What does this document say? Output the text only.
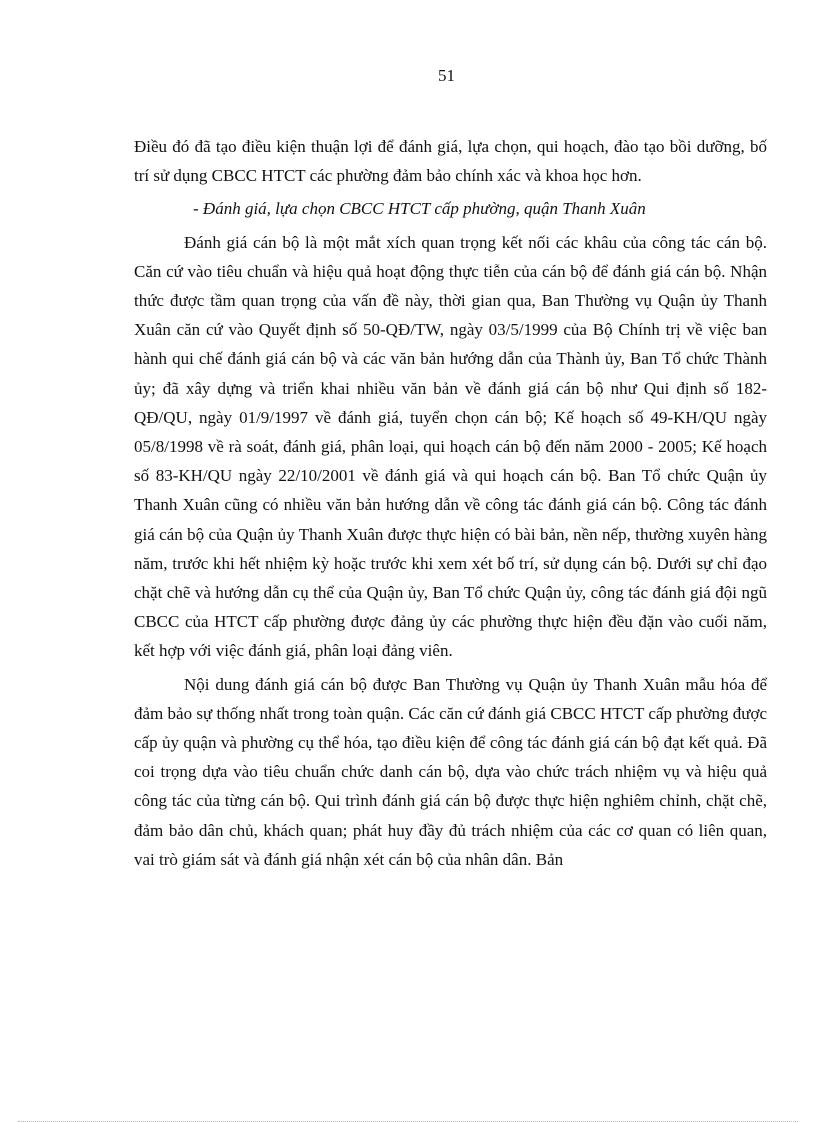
51

Điều đó đã tạo điều kiện thuận lợi để đánh giá, lựa chọn, qui hoạch, đào tạo bồi dưỡng, bố trí sử dụng CBCC HTCT các phường đảm bảo chính xác và khoa học hơn.

- Đánh giá, lựa chọn CBCC HTCT cấp phường, quận Thanh Xuân

Đánh giá cán bộ là một mắt xích quan trọng kết nối các khâu của công tác cán bộ. Căn cứ vào tiêu chuẩn và hiệu quả hoạt động thực tiễn của cán bộ để đánh giá cán bộ. Nhận thức được tầm quan trọng của vấn đề này, thời gian qua, Ban Thường vụ Quận ủy Thanh Xuân căn cứ vào Quyết định số 50-QĐ/TW, ngày 03/5/1999 của Bộ Chính trị về việc ban hành qui chế đánh giá cán bộ và các văn bản hướng dẫn của Thành ủy, Ban Tổ chức Thành ủy; đã xây dựng và triển khai nhiều văn bản về đánh giá cán bộ như Qui định số 182-QĐ/QU, ngày 01/9/1997 về đánh giá, tuyển chọn cán bộ; Kế hoạch số 49-KH/QU ngày 05/8/1998 về rà soát, đánh giá, phân loại, qui hoạch cán bộ đến năm 2000 - 2005; Kế hoạch số 83-KH/QU ngày 22/10/2001 về đánh giá và qui hoạch cán bộ. Ban Tổ chức Quận ủy Thanh Xuân cũng có nhiều văn bản hướng dẫn về công tác đánh giá cán bộ. Công tác đánh giá cán bộ của Quận ủy Thanh Xuân được thực hiện có bài bản, nền nếp, thường xuyên hàng năm, trước khi hết nhiệm kỳ hoặc trước khi xem xét bố trí, sử dụng cán bộ. Dưới sự chỉ đạo chặt chẽ và hướng dẫn cụ thể của Quận ủy, Ban Tổ chức Quận ủy, công tác đánh giá đội ngũ CBCC của HTCT cấp phường được đảng ủy các phường thực hiện đều đặn vào cuối năm, kết hợp với việc đánh giá, phân loại đảng viên.

Nội dung đánh giá cán bộ được Ban Thường vụ Quận ủy Thanh Xuân mẫu hóa để đảm bảo sự thống nhất trong toàn quận. Các căn cứ đánh giá CBCC HTCT cấp phường được cấp ủy quận và phường cụ thể hóa, tạo điều kiện để công tác đánh giá cán bộ đạt kết quả. Đã coi trọng dựa vào tiêu chuẩn chức danh cán bộ, dựa vào chức trách nhiệm vụ và hiệu quả công tác của từng cán bộ. Qui trình đánh giá cán bộ được thực hiện nghiêm chỉnh, chặt chẽ, đảm bảo dân chủ, khách quan; phát huy đầy đủ trách nhiệm của các cơ quan có liên quan, vai trò giám sát và đánh giá nhận xét cán bộ của nhân dân. Bản
